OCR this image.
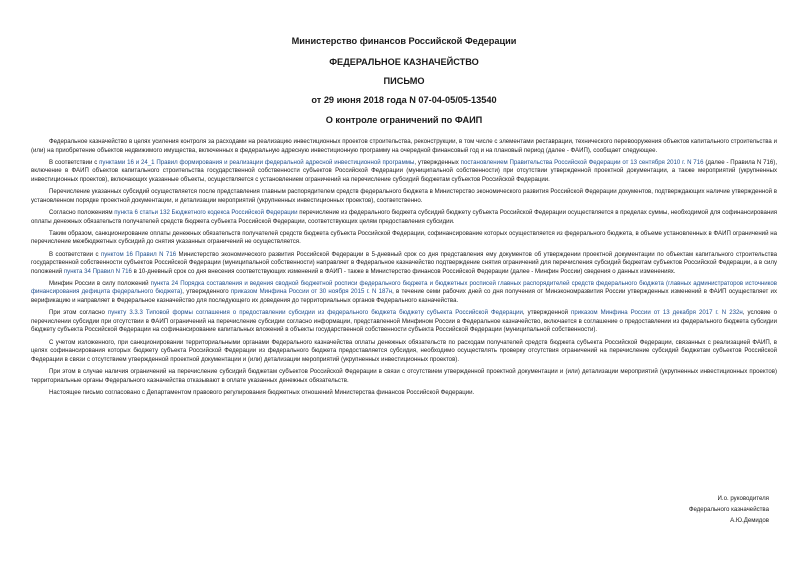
Министерство финансов Российской Федерации
ФЕДЕРАЛЬНОЕ КАЗНАЧЕЙСТВО
ПИСЬМО
от 29 июня 2018 года N 07-04-05/05-13540
О контроле ограничений по ФАИП

Федеральное казначейство в целях усиления контроля за расходами на реализацию инвестиционных проектов строительства, реконструкции, в том числе с элементами реставрации, технического перевооружения объектов капитального строительства и (или) на приобретение объектов недвижимого имущества, включенных в федеральную адресную инвестиционную программу на очередной финансовый год и на плановый период (далее - ФАИП), сообщает следующее.

В соответствии с пунктами 16 и 24_1 Правил формирования и реализации федеральной адресной инвестиционной программы, утвержденных постановлением Правительства Российской Федерации от 13 сентября 2010 г. N 716 (далее - Правила N 716), включение в ФАИП объектов капитального строительства государственной собственности субъектов Российской Федерации (муниципальной собственности) при отсутствии утвержденной проектной документации, а также мероприятий (укрупненных инвестиционных проектов), включающих указанные объекты, осуществляется с установлением ограничений на перечисление субсидий бюджетам субъектов Российской Федерации.

Перечисление указанных субсидий осуществляется после представления главным распорядителем средств федерального бюджета в Министерство экономического развития Российской Федерации документов, подтверждающих наличие утвержденной в установленном порядке проектной документации, и детализации мероприятий (укрупненных инвестиционных проектов), соответственно.

Согласно положениям пункта 6 статьи 132 Бюджетного кодекса Российской Федерации перечисление из федерального бюджета субсидий бюджету субъекта Российской Федерации осуществляется в пределах суммы, необходимой для софинансирования оплаты денежных обязательств получателей средств бюджета субъекта Российской Федерации, соответствующих целям предоставления субсидии.

Таким образом, санкционирование оплаты денежных обязательств получателей средств бюджета субъекта Российской Федерации, софинансирование которых осуществляется из федерального бюджета, в объеме установленных в ФАИП ограничений на перечисление межбюджетных субсидий до снятия указанных ограничений не осуществляется.

В соответствии с пунктом 16 Правил N 716 Министерство экономического развития Российской Федерации в 5-дневный срок со дня представления ему документов об утверждении проектной документации по объектам капитального строительства государственной собственности субъектов Российской Федерации (муниципальной собственности) направляет в Федеральное казначейство подтверждение снятия ограничений для перечисления субсидий бюджетам субъектов Российской Федерации, а в силу положений пункта 34 Правил N 716 в 10-дневный срок со дня внесения соответствующих изменений в ФАИП - также в Министерство финансов Российской Федерации (далее - Минфин России) сведения о данных изменениях.

Минфин России в силу положений пункта 24 Порядка составления и ведения сводной бюджетной росписи федерального бюджета и бюджетных росписей главных распорядителей средств федерального бюджета (главных администраторов источников финансирования дефицита федерального бюджета), утвержденного приказом Минфина России от 30 ноября 2015 г. N 187н, в течение семи рабочих дней со дня получения от Минэкономразвития России утвержденных изменений в ФАИП осуществляет их верификацию и направляет в Федеральное казначейство для последующего их доведения до территориальных органов Федерального казначейства.

При этом согласно пункту 3.3.3 Типовой формы соглашения о предоставлении субсидии из федерального бюджета бюджету субъекта Российской Федерации, утвержденной приказом Минфина России от 13 декабря 2017 г. N 232н, условие о перечислении субсидии при отсутствии в ФАИП ограничений на перечисление субсидии согласно информации, представленной Минфином России в Федеральное казначейство, включается в соглашение о предоставлении из федерального бюджета субсидии бюджету субъекта Российской Федерации на софинансирование капитальных вложений в объекты государственной собственности субъекта Российской Федерации (муниципальной собственности).

С учетом изложенного, при санкционировании территориальными органами Федерального казначейства оплаты денежных обязательств по расходам получателей средств бюджета субъекта Российской Федерации, связанных с реализацией ФАИП, в целях софинансирования которых бюджету субъекта Российской Федерации из федерального бюджета предоставляется субсидия, необходимо осуществлять проверку отсутствия ограничений на перечисление субсидий бюджетам субъектов Российской Федерации в связи с отсутствием утвержденной проектной документации и (или) детализации мероприятий (укрупненных инвестиционных проектов).

При этом в случае наличия ограничений на перечисление субсидий бюджетам субъектов Российской Федерации в связи с отсутствием утвержденной проектной документации и (или) детализации мероприятий (укрупненных инвестиционных проектов) территориальные органы Федерального казначейства отказывают в оплате указанных денежных обязательств.

Настоящее письмо согласовано с Департаментом правового регулирования бюджетных отношений Министерства финансов Российской Федерации.

И.о. руководителя
Федерального казначейства
А.Ю.Демидов
